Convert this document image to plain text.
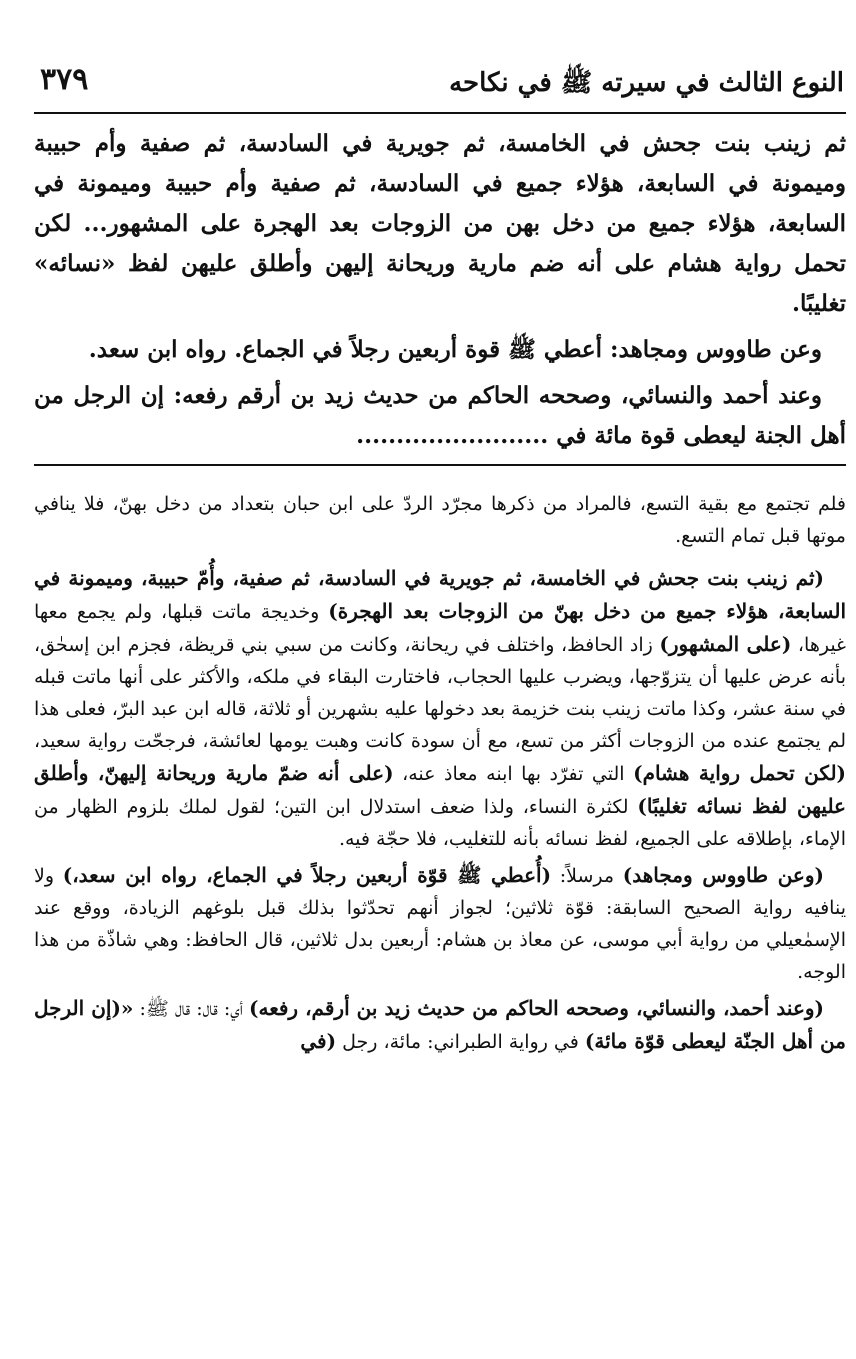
النوع الثالث في سيرته ﷺ في نكاحه
٣٧٩

ثم زينب بنت جحش في الخامسة، ثم جويرية في السادسة، ثم صفية وأم حبيبة وميمونة في السابعة، هؤلاء جميع في السادسة، ثم صفية وأم حبيبة وميمونة في السابعة، هؤلاء جميع من دخل بهن من الزوجات بعد الهجرة على المشهور... لكن تحمل رواية هشام على أنه ضم مارية وريحانة إليهن وأطلق عليهن لفظ «نسائه» تغليبًا.

وعن طاووس ومجاهد: أعطي ﷺ قوة أربعين رجلاً في الجماع. رواه ابن سعد.

وعند أحمد والنسائي، وصححه الحاكم من حديث زيد بن أرقم رفعه: إن الرجل من أهل الجنة ليعطى قوة مائة في ........................

فلم تجتمع مع بقية التسع، فالمراد من ذكرها مجرّد الردّ على ابن حبان بتعداد من دخل بهنّ، فلا ينافي موتها قبل تمام التسع.

(ثم زينب بنت جحش في الخامسة، ثم جويرية في السادسة، ثم صفية، وأُمّ حبيبة، وميمونة في السابعة، هؤلاء جميع من دخل بهنّ من الزوجات بعد الهجرة) وخديجة ماتت قبلها، ولم يجمع معها غيرها، (على المشهور) زاد الحافظ، واختلف في ريحانة، وكانت من سبي بني قريظة، فجزم ابن إسحٰق، بأنه عرض عليها أن يتزوّجها، ويضرب عليها الحجاب، فاختارت البقاء في ملكه، والأكثر على أنها ماتت قبله في سنة عشر، وكذا ماتت زينب بنت خزيمة بعد دخولها عليه بشهرين أو ثلاثة، قاله ابن عبد البرّ، فعلى هذا لم يجتمع عنده من الزوجات أكثر من تسع، مع أن سودة كانت وهبت يومها لعائشة، فرجحّت رواية سعيد، (لكن تحمل رواية هشام) التي تفرّد بها ابنه معاذ عنه، (على أنه ضمّ مارية وريحانة إليهنّ، وأطلق عليهن لفظ نسائه تغليبًا) لكثرة النساء، ولذا ضعف استدلال ابن التين؛ لقول لملك بلزوم الظهار من الإماء، بإطلاقه على الجميع، لفظ نسائه بأنه للتغليب، فلا حجّة فيه.

(وعن طاووس ومجاهد) مرسلاً: (أُعطي ﷺ قوّة أربعين رجلاً في الجماع، رواه ابن سعد،) ولا ينافيه رواية الصحيح السابقة: قوّة ثلاثين؛ لجواز أنهم تحدّثوا بذلك قبل بلوغهم الزيادة، ووقع عند الإسمٰعيلي من رواية أبي موسى، عن معاذ بن هشام: أربعين بدل ثلاثين، قال الحافظ: وهي شاذّة من هذا الوجه.

(وعند أحمد، والنسائي، وصححه الحاكم من حديث زيد بن أرقم، رفعه) أي: قال: قال ﷺ: «(إن الرجل من أهل الجنّة ليعطى قوّة مائة) في رواية الطبراني: مائة، رجل (في
